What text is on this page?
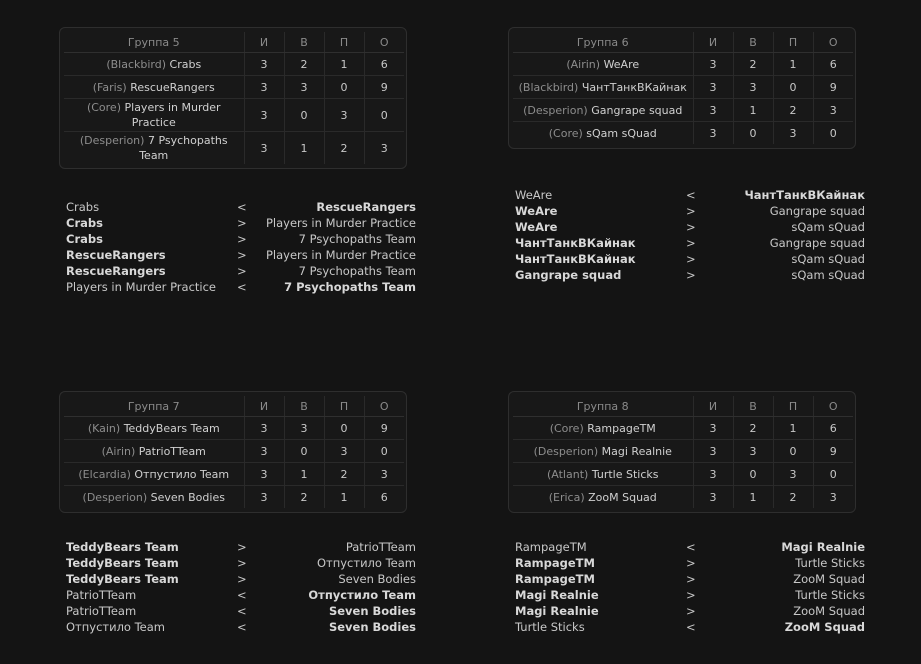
Группа 5	И	В	П	О
(Blackbird) Crabs	3	2	1	6
(Faris) RescueRangers	3	3	0	9
(Core) Players in Murder Practice	3	0	3	0
(Desperion) 7 Psychopaths Team	3	1	2	3
Группа 6	И	В	П	О
(Airin) WeAre	3	2	1	6
(Blackbird) ЧантТанкВКайнак	3	3	0	9
(Desperion) Gangrape squad	3	1	2	3
(Core) sQam sQuad	3	0	3	0
Группа 7	И	В	П	О
(Kain) TeddyBears Team	3	3	0	9
(Airin) PatrioTTeam	3	0	3	0
(Elcardia) Отпустило Team	3	1	2	3
(Desperion) Seven Bodies	3	2	1	6
Группа 8	И	В	П	О
(Core) RampageTM	3	2	1	6
(Desperion) Magi Realnie	3	3	0	9
(Atlant) Turtle Sticks	3	0	3	0
(Erica) ZooM Squad	3	1	2	3
Crabs	<	RescueRangers
Crabs	>	Players in Murder Practice
Crabs	>	7 Psychopaths Team
RescueRangers	>	Players in Murder Practice
RescueRangers	>	7 Psychopaths Team
Players in Murder Practice	<	7 Psychopaths Team
WeAre	<	ЧантТанкВКайнак
WeAre	>	Gangrape squad
WeAre	>	sQam sQuad
ЧантТанкВКайнак	>	Gangrape squad
ЧантТанкВКайнак	>	sQam sQuad
Gangrape squad	>	sQam sQuad
TeddyBears Team	>	PatrioTTeam
TeddyBears Team	>	Отпустило Team
TeddyBears Team	>	Seven Bodies
PatrioTTeam	<	Отпустило Team
PatrioTTeam	<	Seven Bodies
Отпустило Team	<	Seven Bodies
RampageTM	<	Magi Realnie
RampageTM	>	Turtle Sticks
RampageTM	>	ZooM Squad
Magi Realnie	>	Turtle Sticks
Magi Realnie	>	ZooM Squad
Turtle Sticks	<	ZooM Squad
